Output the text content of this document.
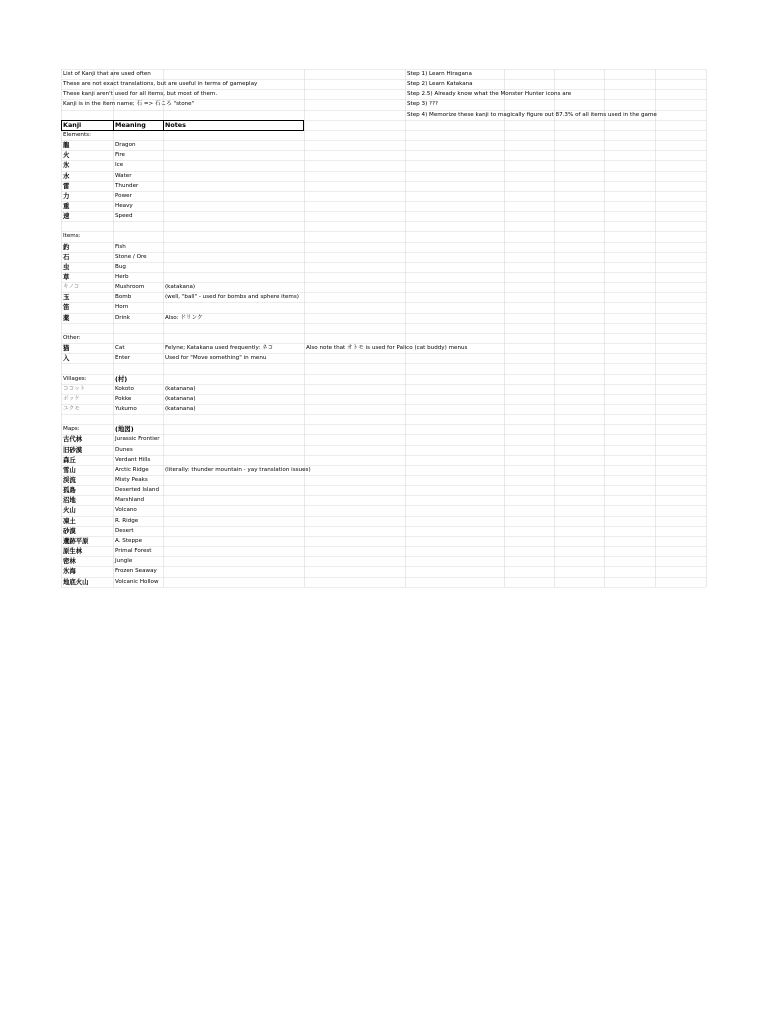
List of Kanji that are used often
These are not exact translations, but are useful in terms of gameplay
These kanji aren't used for all items, but most of them.
Kanji is in the item name; 石 => 石ころ "stone"
Step 1) Learn Hiragana
Step 2) Learn Katakana
Step 2.5) Already know what the Monster Hunter icons are
Step 3) ???
Step 4) Memorize these kanji to magically figure out 87.3% of all items used in the game
Kanji	Meaning	Notes
Elements:
龍	Dragon
火	Fire
氷	Ice
水	Water
雷	Thunder
力	Power
重	Heavy
速	Speed
Items:
釣	Fish
石	Stone / Ore
虫	Bug
草	Herb
キノコ	Mushroom	(katakana)
玉	Bomb	(well, "ball" - used for bombs and sphere items)
笛	Horn
薬	Drink	Also: ドリンク
Other:
猫	Cat	Felyne; Katakana used frequently: ネコ	Also note that オトモ is used for Palico (cat buddy) menus
入	Enter	Used for "Move something" in menu
Villages:	(村)
ココット	Kokoto	(katanana)
ポッケ	Pokke	(katanana)
ユクモ	Yukumo	(katanana)
Maps:	(地図)
古代林	Jurassic Frontier
旧砂漠	Dunes
森丘	Verdant Hills
雪山	Arctic Ridge	(literally: thunder mountain - yay translation issues)
渓流	Misty Peaks
孤島	Deserted Island
沼地	Marshland
火山	Volcano
凍土	R. Ridge
砂漠	Desert
遺跡平原	A. Steppe
原生林	Primal Forest
密林	Jungle
氷海	Frozen Seaway
地底火山	Volcanic Hollow
